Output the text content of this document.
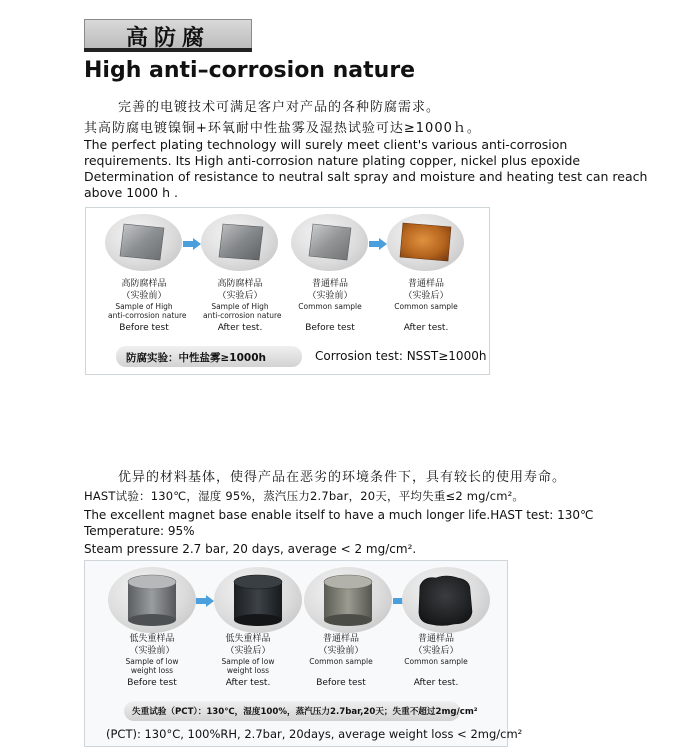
高防腐
High anti–corrosion nature
完善的电镀技术可满足客户对产品的各种防腐需求。
其高防腐电镀镍铜+环氧耐中性盐雾及湿热试验可达≥1000ｈ。
The perfect plating technology will surely meet client's various anti-corrosion
requirements. Its High anti-corrosion nature plating copper, nickel plus epoxide
Determination of resistance to neutral salt spray and moisture and heating test can reach
above 1000 h .
高防腐样品
（实验前）
Sample of High
anti-corrosion nature
Before test
高防腐样品
（实验后）
Sample of High
anti-corrosion nature
After test.
普通样品
（实验前）
Common sample
Before test
普通样品
（实验后）
Common sample
After test.
防腐实验：中性盐雾≥1000h	Corrosion test: NSST≥1000h
优异的材料基体，使得产品在恶劣的环境条件下，具有较长的使用寿命。
HAST试验：130℃，湿度 95%，蒸汽压力2.7bar，20天，平均失重≤2 mg/cm²。
The excellent magnet base enable itself to have a much longer life.HAST test: 130℃
Temperature: 95%
Steam pressure 2.7 bar, 20 days, average < 2 mg/cm².
低失重样品
（实验前）
Sample of low
weight loss
Before test
低失重样品
（实验后）
Sample of low
weight loss
After test.
普通样品
（实验前）
Common sample
Before test
普通样品
（实验后）
Common sample
After test.
失重试验（PCT）：130℃，湿度100%，蒸汽压力2.7bar,20天；失重不超过2mg/cm²
(PCT): 130°C, 100%RH, 2.7bar, 20days, average weight loss < 2mg/cm²
